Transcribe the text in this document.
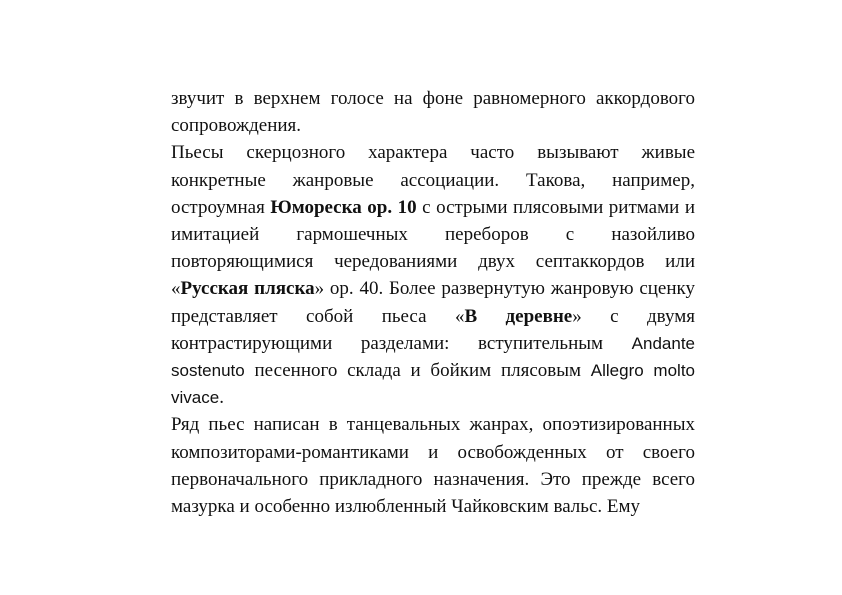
звучит в верхнем голосе на фоне равномерного аккордового сопровождения.

Пьесы скерцозного характера часто вызывают живые конкретные жанровые ассоциации. Такова, например, остроумная Юмореска ор. 10 с острыми плясовыми ритмами и имитацией гармошечных переборов с назойливо повторяющимися чередованиями двух септаккордов или «Русская пляска» ор. 40. Более развернутую жанровую сценку представляет собой пьеса «В деревне» с двумя контрастирующими разделами: вступительным Andante sostenuto песенного склада и бойким плясовым Allegro molto vivace.

Ряд пьес написан в танцевальных жанрах, опоэтизированных композиторами-романтиками и освобожденных от своего первоначального прикладного назначения. Это прежде всего мазурка и особенно излюбленный Чайковским вальс. Ему
